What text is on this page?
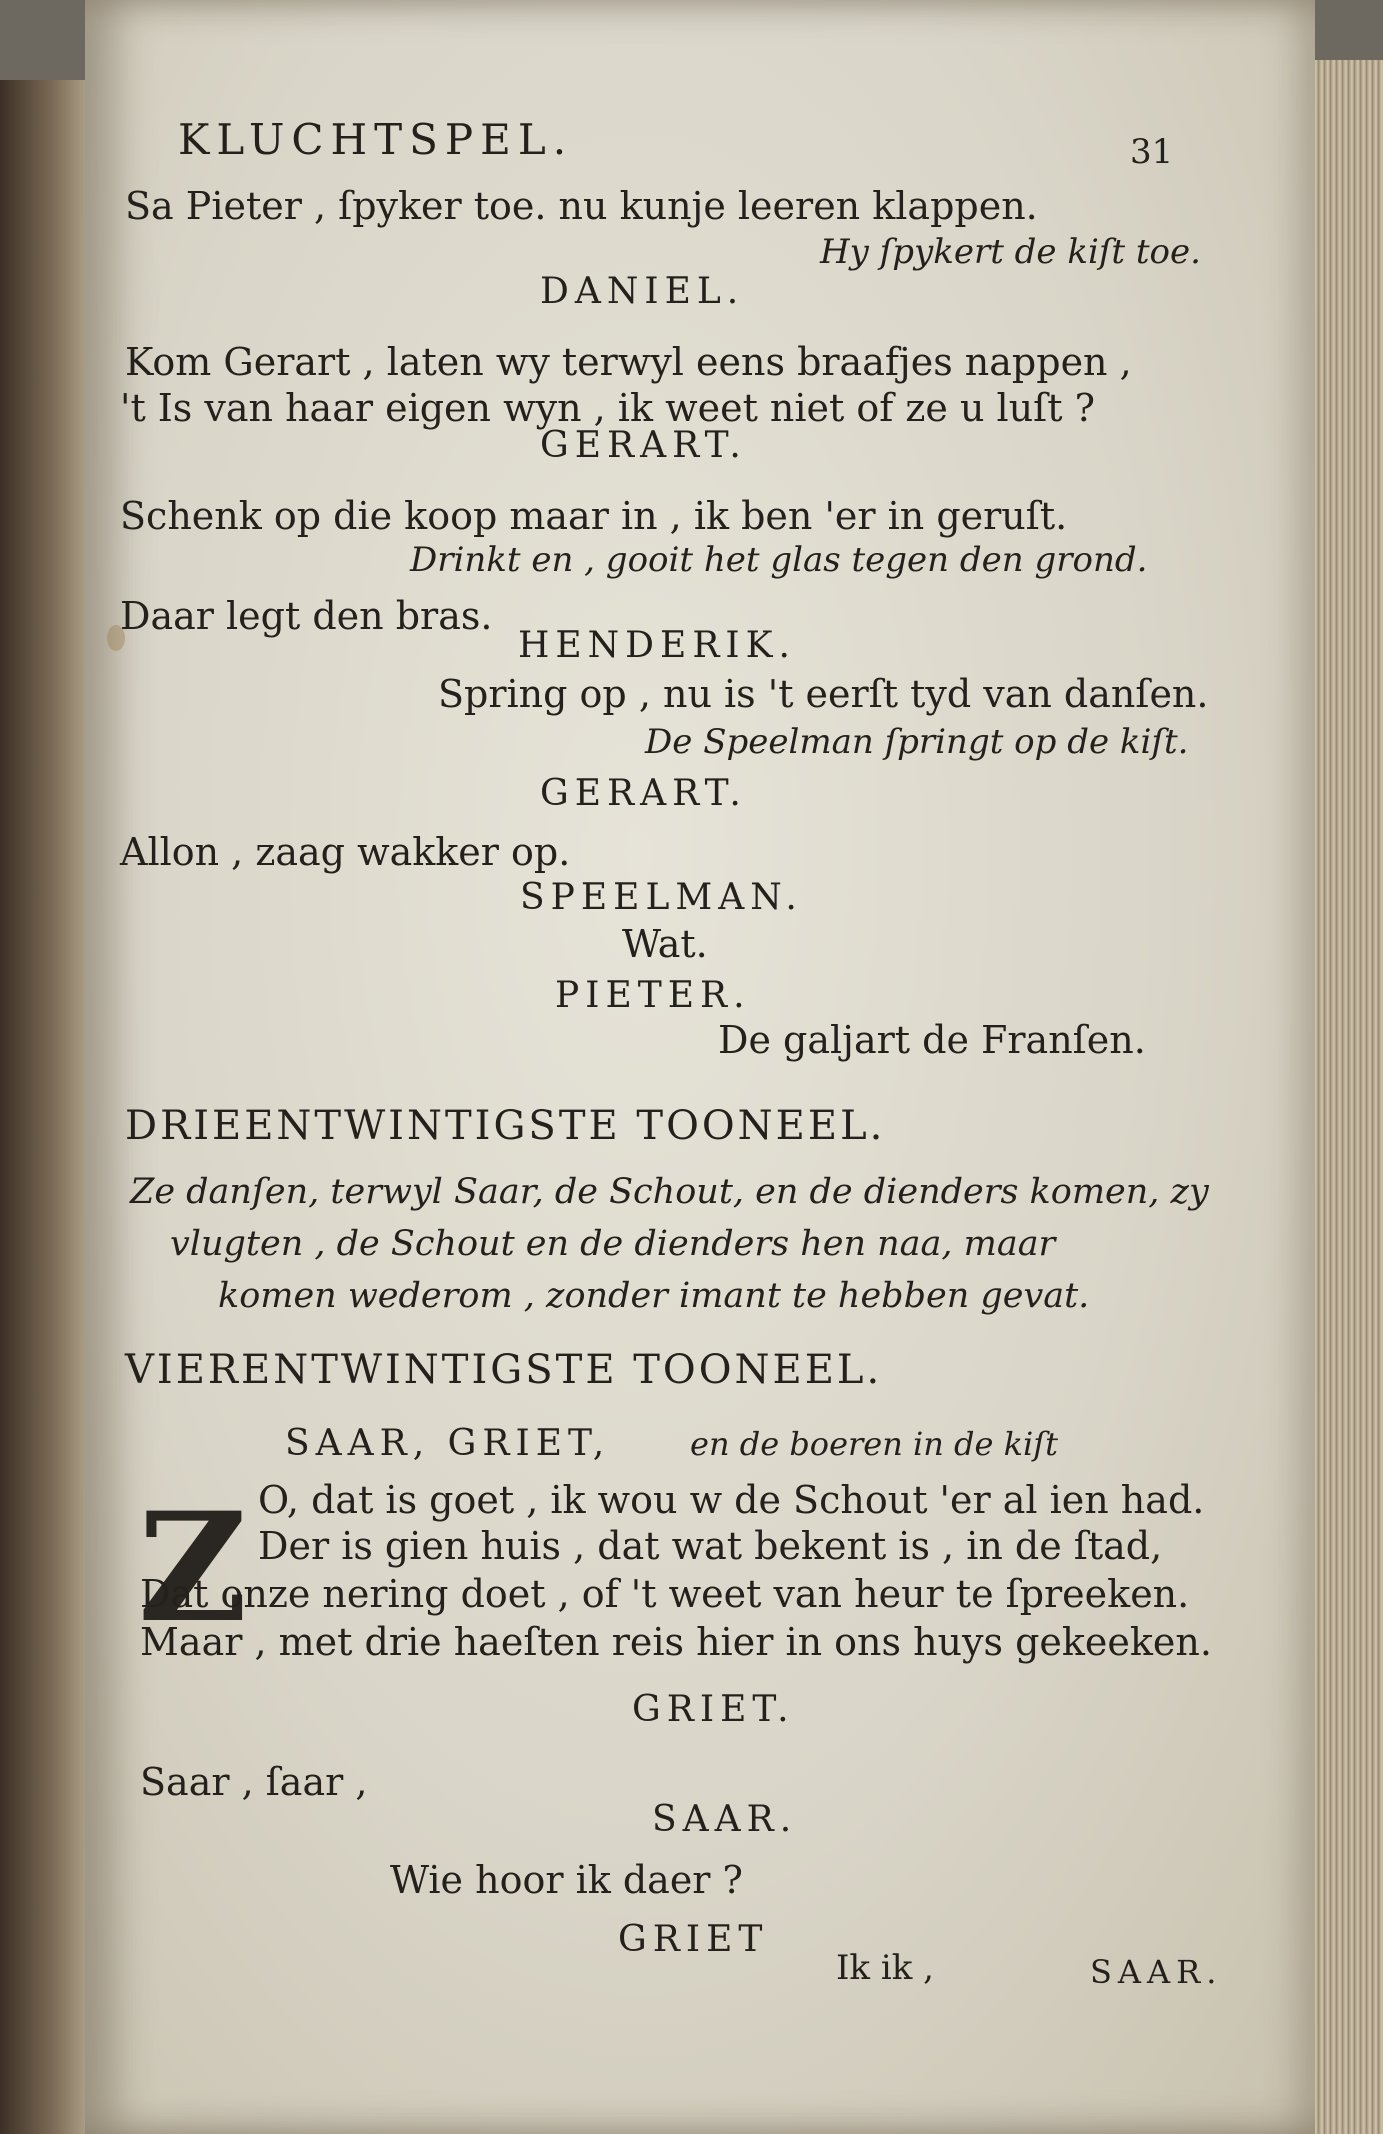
KLUCHTSPEL.	31
Sa Pieter , ſpyker toe. nu kunje leeren klappen.
Hy ſpykert de kiſt toe.
DANIEL.
Kom Gerart , laten wy terwyl eens braafjes nappen ,
't Is van haar eigen wyn , ik weet niet of ze u luſt ?
GERART.
Schenk op die koop maar in , ik ben 'er in geruſt.
Drinkt en , gooit het glas tegen den grond.
Daar legt den bras.
HENDERIK.
Spring op , nu is 't eerſt tyd van danſen.
De Speelman ſpringt op de kiſt.
GERART.
Allon , zaag wakker op.
SPEELMAN.
Wat.
PIETER.
De galjart de Franſen.
DRIEENTWINTIGSTE TOONEEL.
Ze danſen, terwyl Saar, de Schout, en de dienders komen, zy
vlugten , de Schout en de dienders hen naa, maar
komen wederom , zonder imant te hebben gevat.
VIERENTWINTIGSTE TOONEEL.
SAAR, GRIET, en de boeren in de kiſt
Z O, dat is goet , ik wou w de Schout 'er al ien had.
Der is gien huis , dat wat bekent is , in de ſtad,
Dat onze nering doet , of 't weet van heur te ſpreeken.
Maar , met drie haeſten reis hier in ons huys gekeeken.
GRIET.
Saar , ſaar ,
SAAR.
Wie hoor ik daer ?
GRIET
Ik ik ,	SAAR.
